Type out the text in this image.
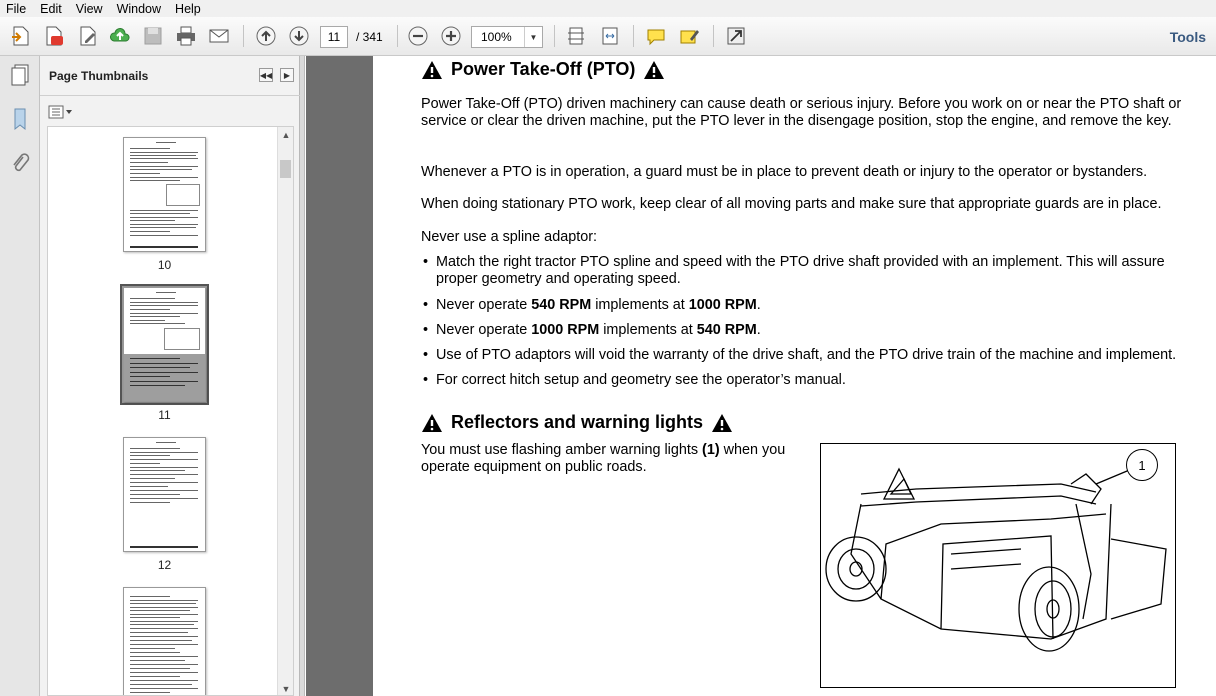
File Edit View Window Help
11
/ 341	100%	▼	Tools
Page Thumbnails	◀◀	▶
10
11
12
▲
▼
Power Take-Off (PTO)
Power Take-Off (PTO) driven machinery can cause death or serious injury. Before you work on or near the PTO shaft or service or clear the driven machine, put the PTO lever in the disengage position, stop the engine, and remove the key.
Whenever a PTO is in operation, a guard must be in place to prevent death or injury to the operator or bystanders.
When doing stationary PTO work, keep clear of all moving parts and make sure that appropriate guards are in place.
Never use a spline adaptor:
• Match the right tractor PTO spline and speed with the PTO drive shaft provided with an implement. This will assure proper geometry and operating speed.
• Never operate 540 RPM implements at 1000 RPM.
• Never operate 1000 RPM implements at 540 RPM.
• Use of PTO adaptors will void the warranty of the drive shaft, and the PTO drive train of the machine and implement.
• For correct hitch setup and geometry see the operator’s manual.
Reflectors and warning lights
You must use flashing amber warning lights (1) when you operate equipment on public roads.	1
